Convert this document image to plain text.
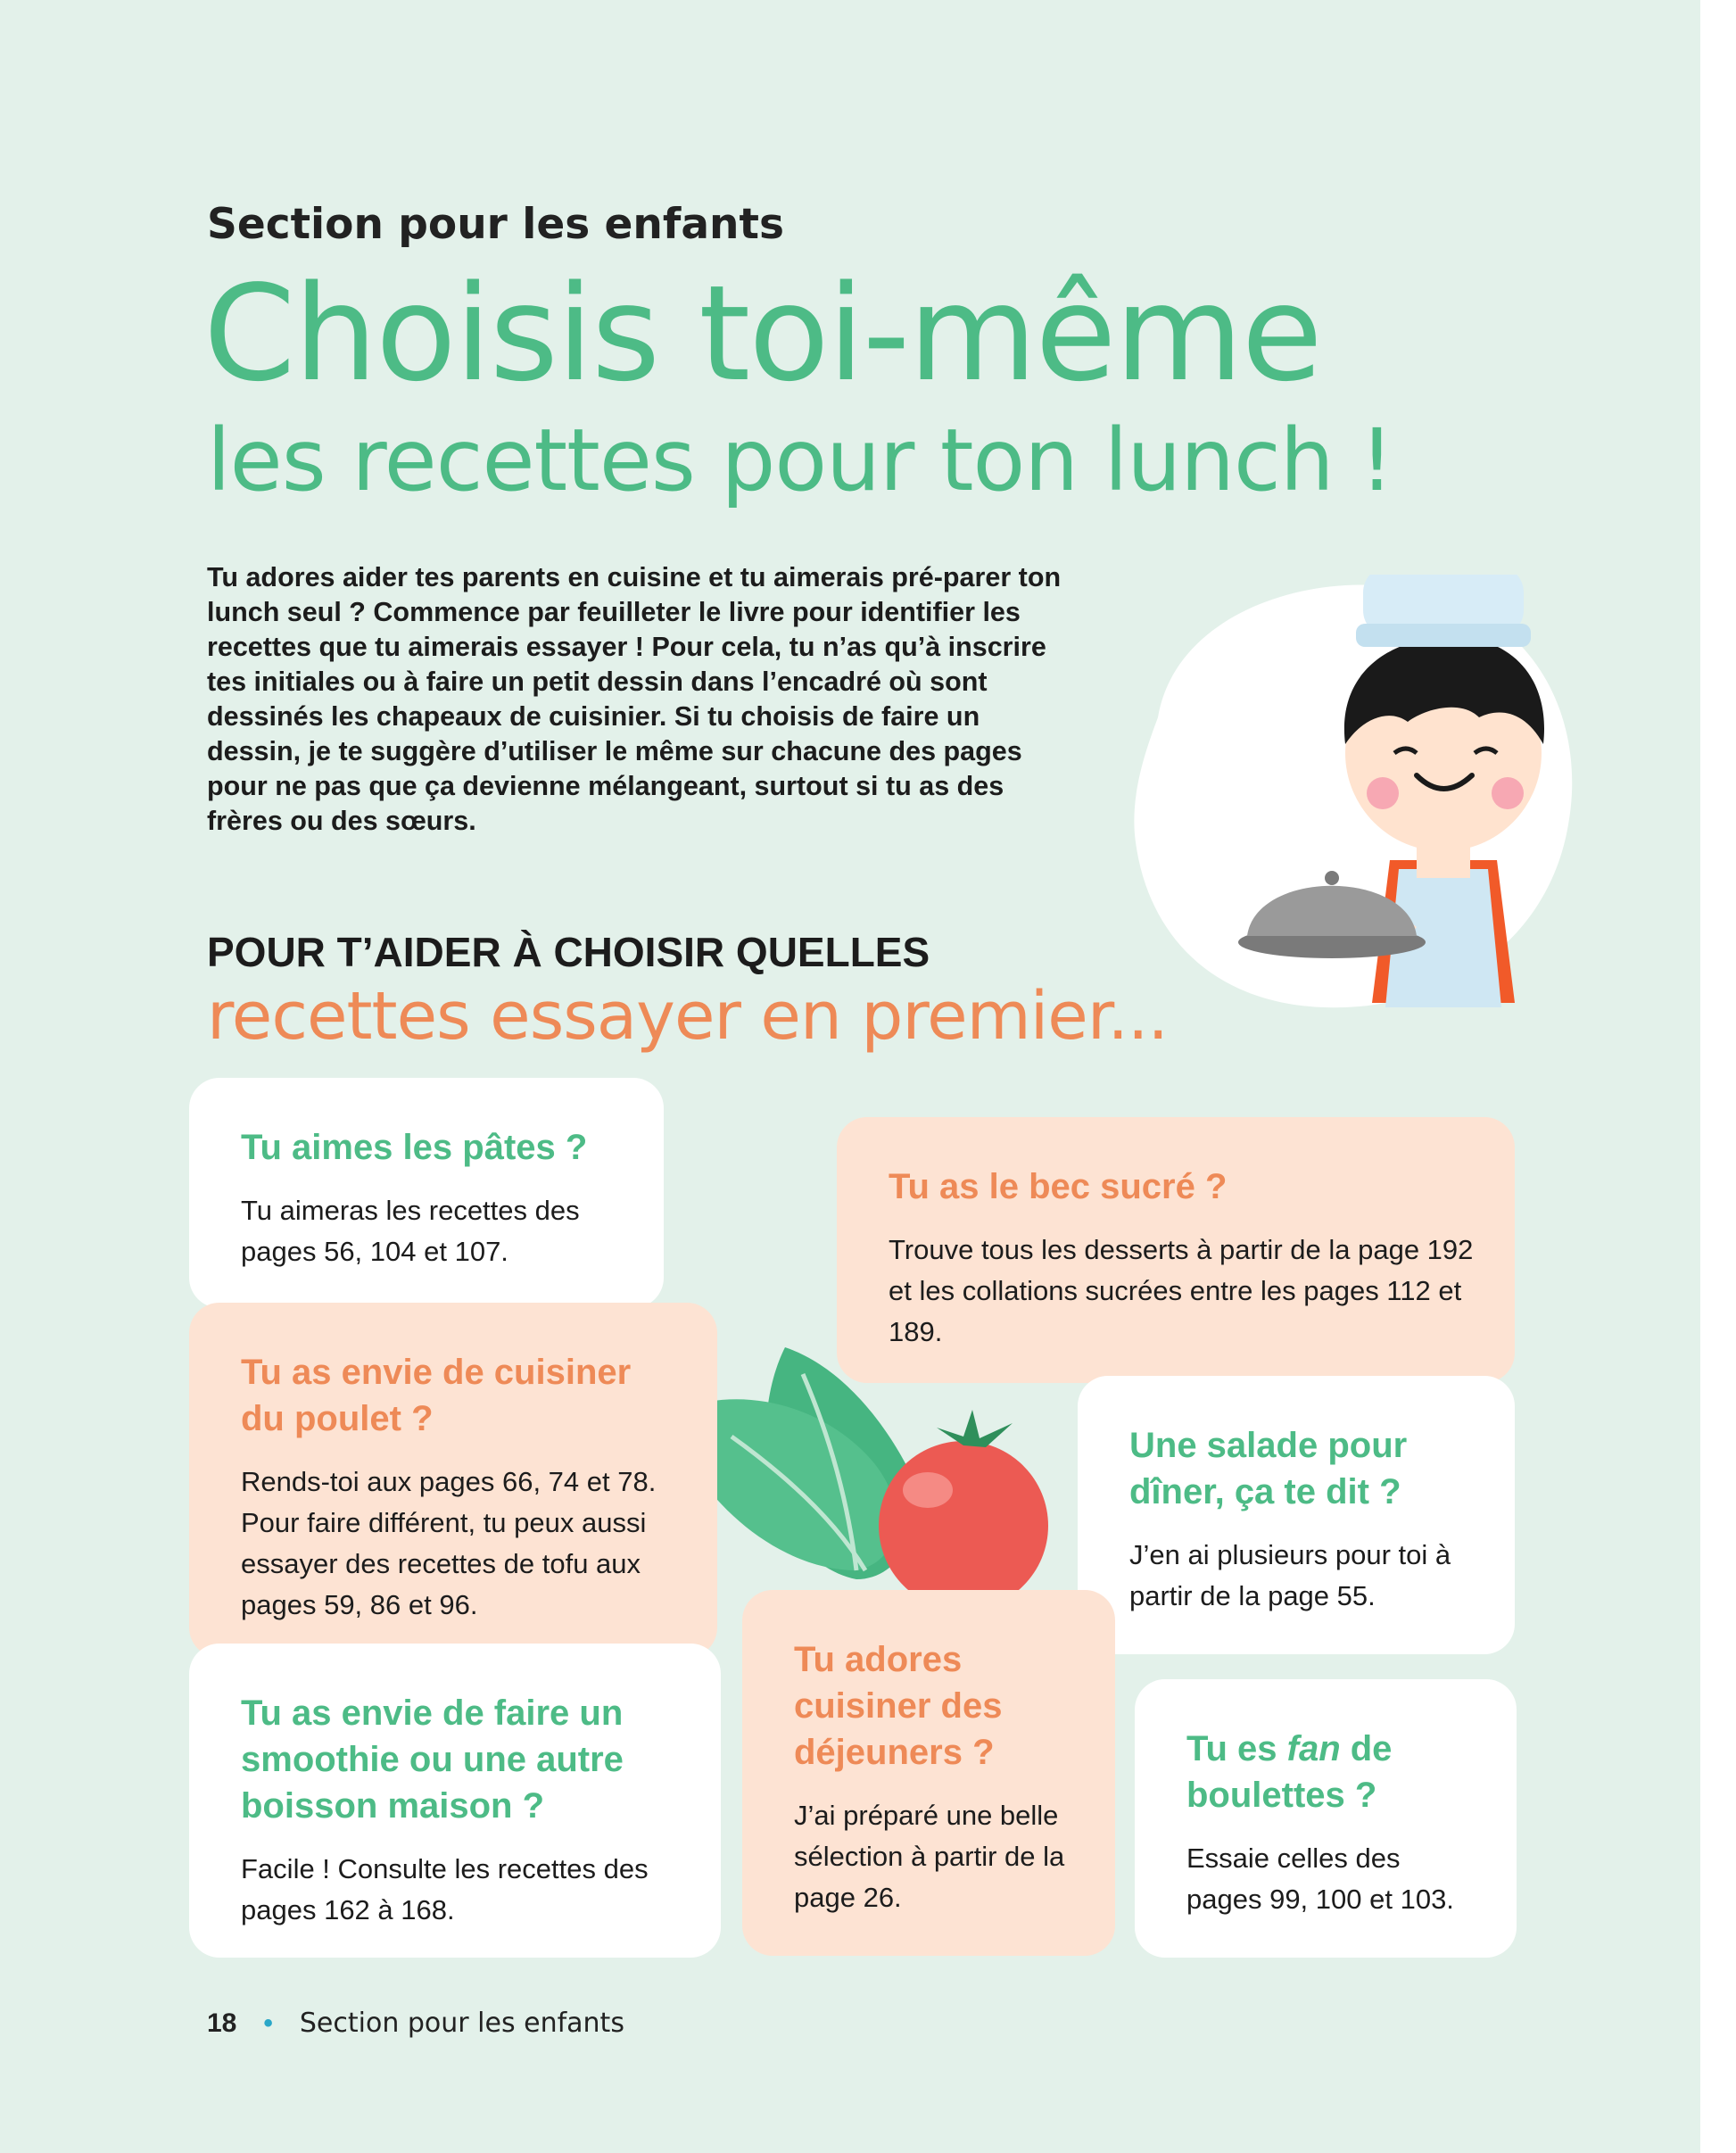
Section pour les enfants
Choisis toi-même
les recettes pour ton lunch !
Tu adores aider tes parents en cuisine et tu aimerais pré-parer ton lunch seul ? Commence par feuilleter le livre pour identifier les recettes que tu aimerais essayer ! Pour cela, tu n’as qu’à inscrire tes initiales ou à faire un petit dessin dans l’encadré où sont dessinés les chapeaux de cuisinier. Si tu choisis de faire un dessin, je te suggère d’utiliser le même sur chacune des pages pour ne pas que ça devienne mélangeant, surtout si tu as des frères ou des sœurs.
POUR T’AIDER À CHOISIR QUELLES
recettes essayer en premier...
Tu aimes les pâtes ?

Tu aimeras les recettes des pages 56, 104 et 107.

Tu as le bec sucré ?

Trouve tous les desserts à partir de la page 192 et les collations sucrées entre les pages 112 et 189.

Tu as envie de cuisiner du poulet ?

Rends-toi aux pages 66, 74 et 78. Pour faire différent, tu peux aussi essayer des recettes de tofu aux pages 59, 86 et 96.

Une salade pour dîner, ça te dit ?

J’en ai plusieurs pour toi à partir de la page 55.

Tu as envie de faire un smoothie ou une autre boisson maison ?

Facile ! Consulte les recettes des pages 162 à 168.

Tu adores cuisiner des déjeuners ?

J’ai préparé une belle sélection à partir de la page 26.

Tu es fan de boulettes ?

Essaie celles des pages 99, 100 et 103.

18 • Section pour les enfants
